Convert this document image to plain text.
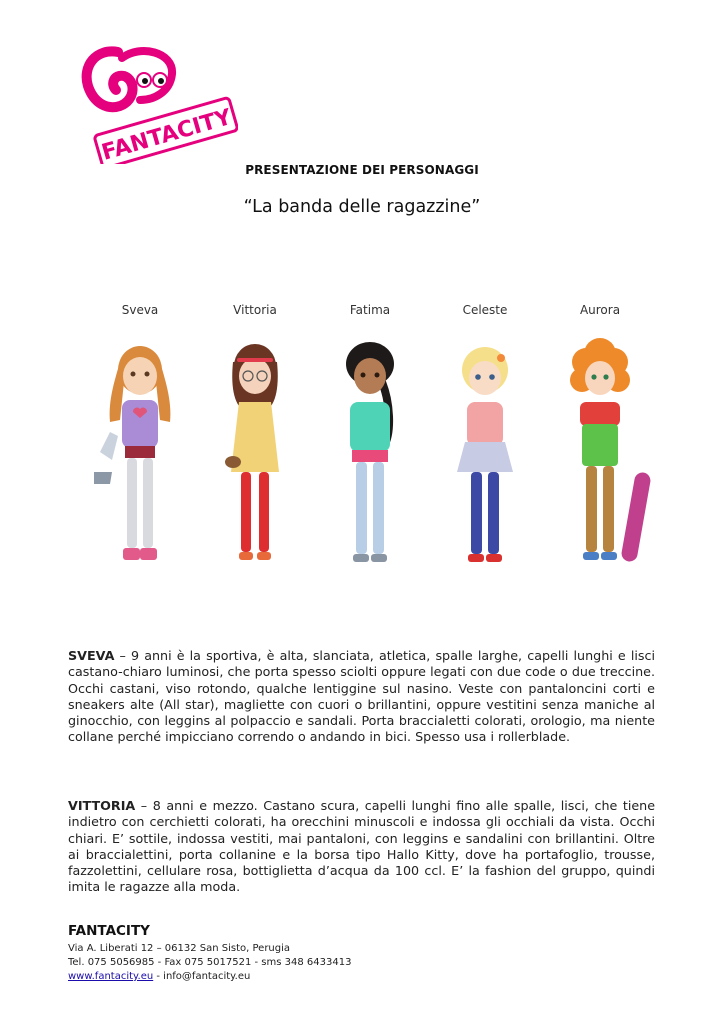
FANTACITY
PRESENTAZIONE DEI PERSONAGGI
“La banda delle ragazzine”
Sveva	Vittoria	Fatima	Celeste	Aurora

SVEVA – 9 anni è la sportiva, è alta, slanciata, atletica, spalle larghe, capelli lunghi e lisci castano-chiaro luminosi, che porta spesso sciolti oppure legati con due code o due treccine. Occhi castani, viso rotondo, qualche lentiggine sul nasino. Veste con pantaloncini corti e sneakers alte (All star), magliette con cuori o brillantini, oppure vestitini senza maniche al ginocchio, con leggins al polpaccio e sandali. Porta braccialetti colorati, orologio, ma niente collane perché impicciano correndo o andando in bici. Spesso usa i rollerblade.

VITTORIA – 8 anni e mezzo. Castano scura, capelli lunghi fino alle spalle, lisci, che tiene indietro con cerchietti colorati, ha orecchini minuscoli e indossa gli occhiali da vista. Occhi chiari. E’ sottile, indossa vestiti, mai pantaloni, con leggins e sandalini con brillantini. Oltre ai braccialettini, porta collanine e la borsa tipo Hallo Kitty, dove ha portafoglio, trousse, fazzolettini, cellulare rosa, bottiglietta d’acqua da 100 ccl. E’ la fashion del gruppo, quindi imita le ragazze alla moda.

FANTACITY
Via A. Liberati 12 – 06132 San Sisto, Perugia
Tel. 075 5056985 - Fax 075 5017521 - sms 348 6433413
www.fantacity.eu - info@fantacity.eu
